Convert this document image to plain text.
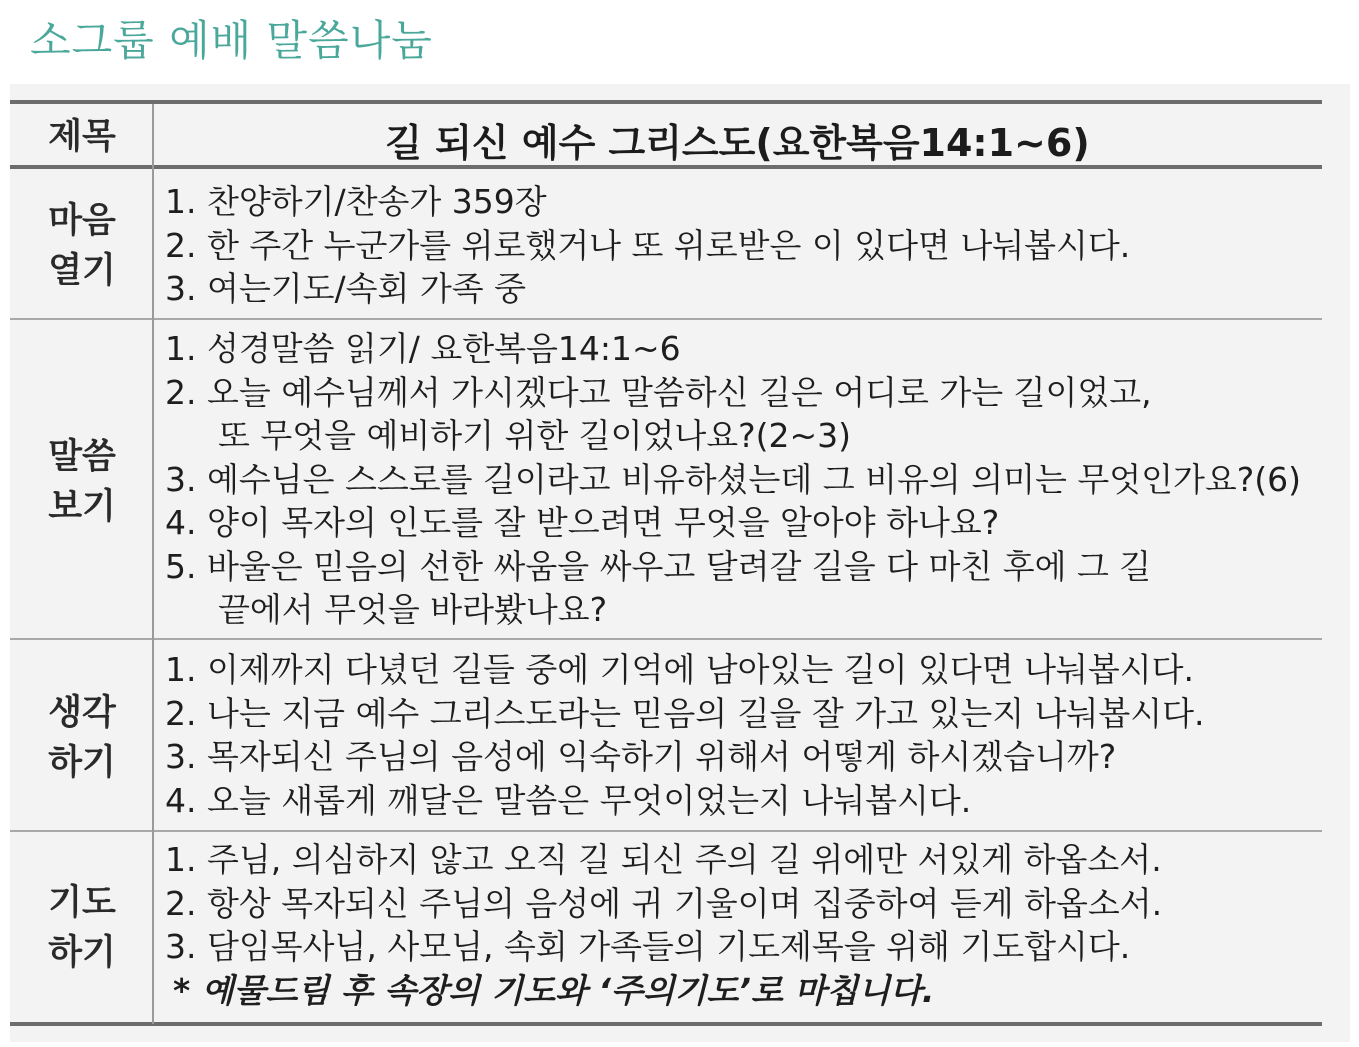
소그룹 예배 말씀나눔
제목	길 되신 예수 그리스도(요한복음14:1~6)
마음
열기
1. 찬양하기/찬송가 359장
2. 한 주간 누군가를 위로했거나 또 위로받은 이 있다면 나눠봅시다.
3. 여는기도/속회 가족 중
말씀
보기
1. 성경말씀 읽기/ 요한복음14:1~6
2. 오늘 예수님께서 가시겠다고 말씀하신 길은 어디로 가는 길이었고,
또 무엇을 예비하기 위한 길이었나요?(2~3)
3. 예수님은 스스로를 길이라고 비유하셨는데 그 비유의 의미는 무엇인가요?(6)
4. 양이 목자의 인도를 잘 받으려면 무엇을 알아야 하나요?
5. 바울은 믿음의 선한 싸움을 싸우고 달려갈 길을 다 마친 후에 그 길
끝에서 무엇을 바라봤나요?
생각
하기
1. 이제까지 다녔던 길들 중에 기억에 남아있는 길이 있다면 나눠봅시다.
2. 나는 지금 예수 그리스도라는 믿음의 길을 잘 가고 있는지 나눠봅시다.
3. 목자되신 주님의 음성에 익숙하기 위해서 어떻게 하시겠습니까?
4. 오늘 새롭게 깨달은 말씀은 무엇이었는지 나눠봅시다.
기도
하기
1. 주님, 의심하지 않고 오직 길 되신 주의 길 위에만 서있게 하옵소서.
2. 항상 목자되신 주님의 음성에 귀 기울이며 집중하여 듣게 하옵소서.
3. 담임목사님, 사모님, 속회 가족들의 기도제목을 위해 기도합시다.
* 예물드림 후 속장의 기도와 ‘주의기도’로 마칩니다.
